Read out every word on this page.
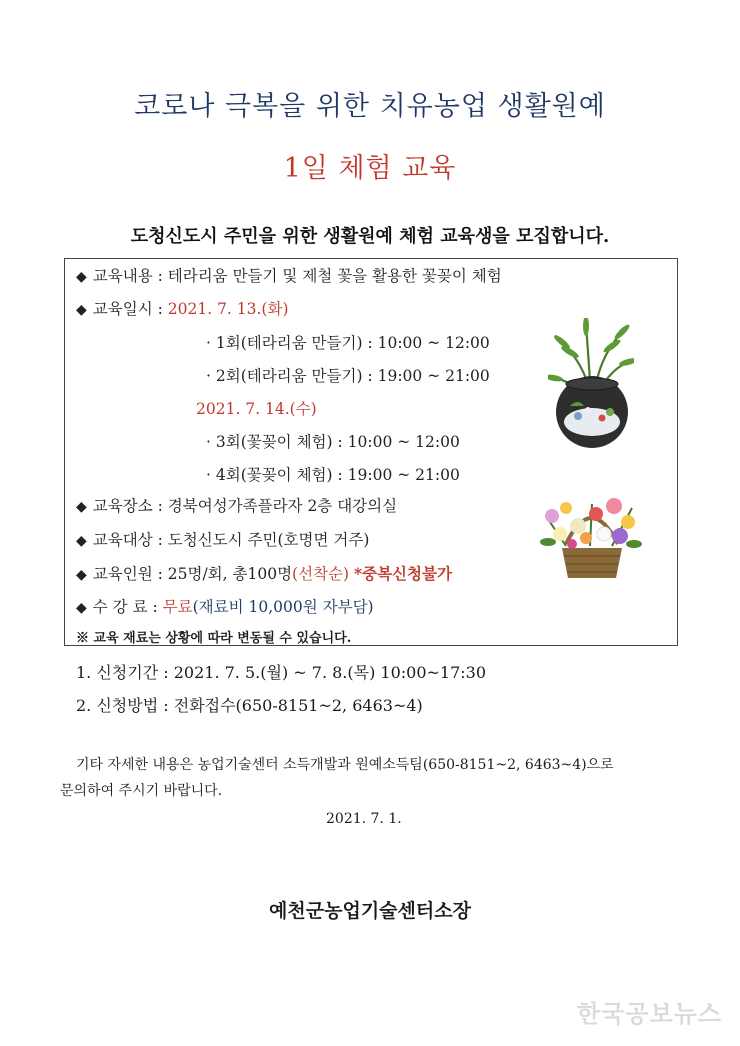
코로나 극복을 위한 치유농업 생활원예
1일 체험 교육
도청신도시 주민을 위한 생활원예 체험 교육생을 모집합니다.
◆ 교육내용 : 테라리움 만들기 및 제철 꽃을 활용한 꽃꽂이 체험
◆ 교육일시 : 2021. 7. 13.(화)
· 1회(테라리움 만들기) : 10:00 ~ 12:00
· 2회(테라리움 만들기) : 19:00 ~ 21:00
2021. 7. 14.(수)
· 3회(꽃꽂이 체험) : 10:00 ~ 12:00
· 4회(꽃꽂이 체험) : 19:00 ~ 21:00
◆ 교육장소 : 경북여성가족플라자 2층 대강의실
◆ 교육대상 : 도청신도시 주민(호명면 거주)
◆ 교육인원 : 25명/회, 총100명(선착순) *중복신청불가
◆ 수 강 료 : 무료(재료비 10,000원 자부담)
※ 교육 재료는 상황에 따라 변동될 수 있습니다.
1. 신청기간 : 2021. 7. 5.(월) ~ 7. 8.(목) 10:00~17:30
2. 신청방법 : 전화접수(650-8151~2, 6463~4)
기타 자세한 내용은 농업기술센터 소득개발과 원예소득팀(650-8151~2, 6463~4)으로
문의하여 주시기 바랍니다.
2021. 7. 1.
예천군농업기술센터소장
한국공보뉴스
